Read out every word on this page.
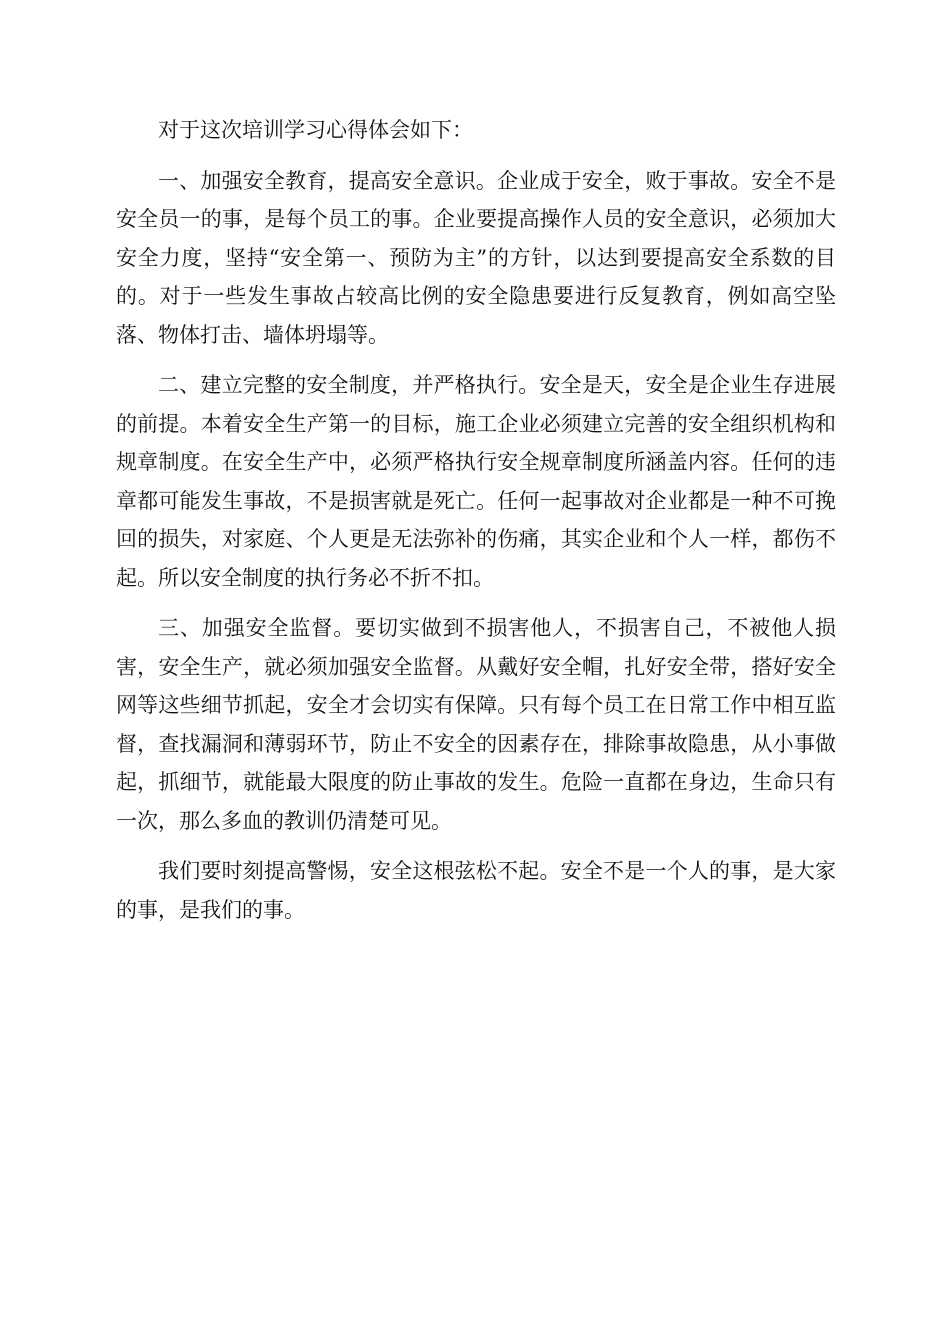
对于这次培训学习心得体会如下：

一、加强安全教育，提高安全意识。企业成于安全，败于事故。安全不是安全员一的事，是每个员工的事。企业要提高操作人员的安全意识，必须加大安全力度，坚持“安全第一、预防为主”的方针，以达到要提高安全系数的目的。对于一些发生事故占较高比例的安全隐患要进行反复教育，例如高空坠落、物体打击、墙体坍塌等。

二、建立完整的安全制度，并严格执行。安全是天，安全是企业生存进展的前提。本着安全生产第一的目标，施工企业必须建立完善的安全组织机构和规章制度。在安全生产中，必须严格执行安全规章制度所涵盖内容。任何的违章都可能发生事故，不是损害就是死亡。任何一起事故对企业都是一种不可挽回的损失，对家庭、个人更是无法弥补的伤痛，其实企业和个人一样，都伤不起。所以安全制度的执行务必不折不扣。

三、加强安全监督。要切实做到不损害他人，不损害自己，不被他人损害，安全生产，就必须加强安全监督。从戴好安全帽，扎好安全带，搭好安全网等这些细节抓起，安全才会切实有保障。只有每个员工在日常工作中相互监督，查找漏洞和薄弱环节，防止不安全的因素存在，排除事故隐患，从小事做起，抓细节，就能最大限度的防止事故的发生。危险一直都在身边，生命只有一次，那么多血的教训仍清楚可见。

我们要时刻提高警惕，安全这根弦松不起。安全不是一个人的事，是大家的事，是我们的事。
